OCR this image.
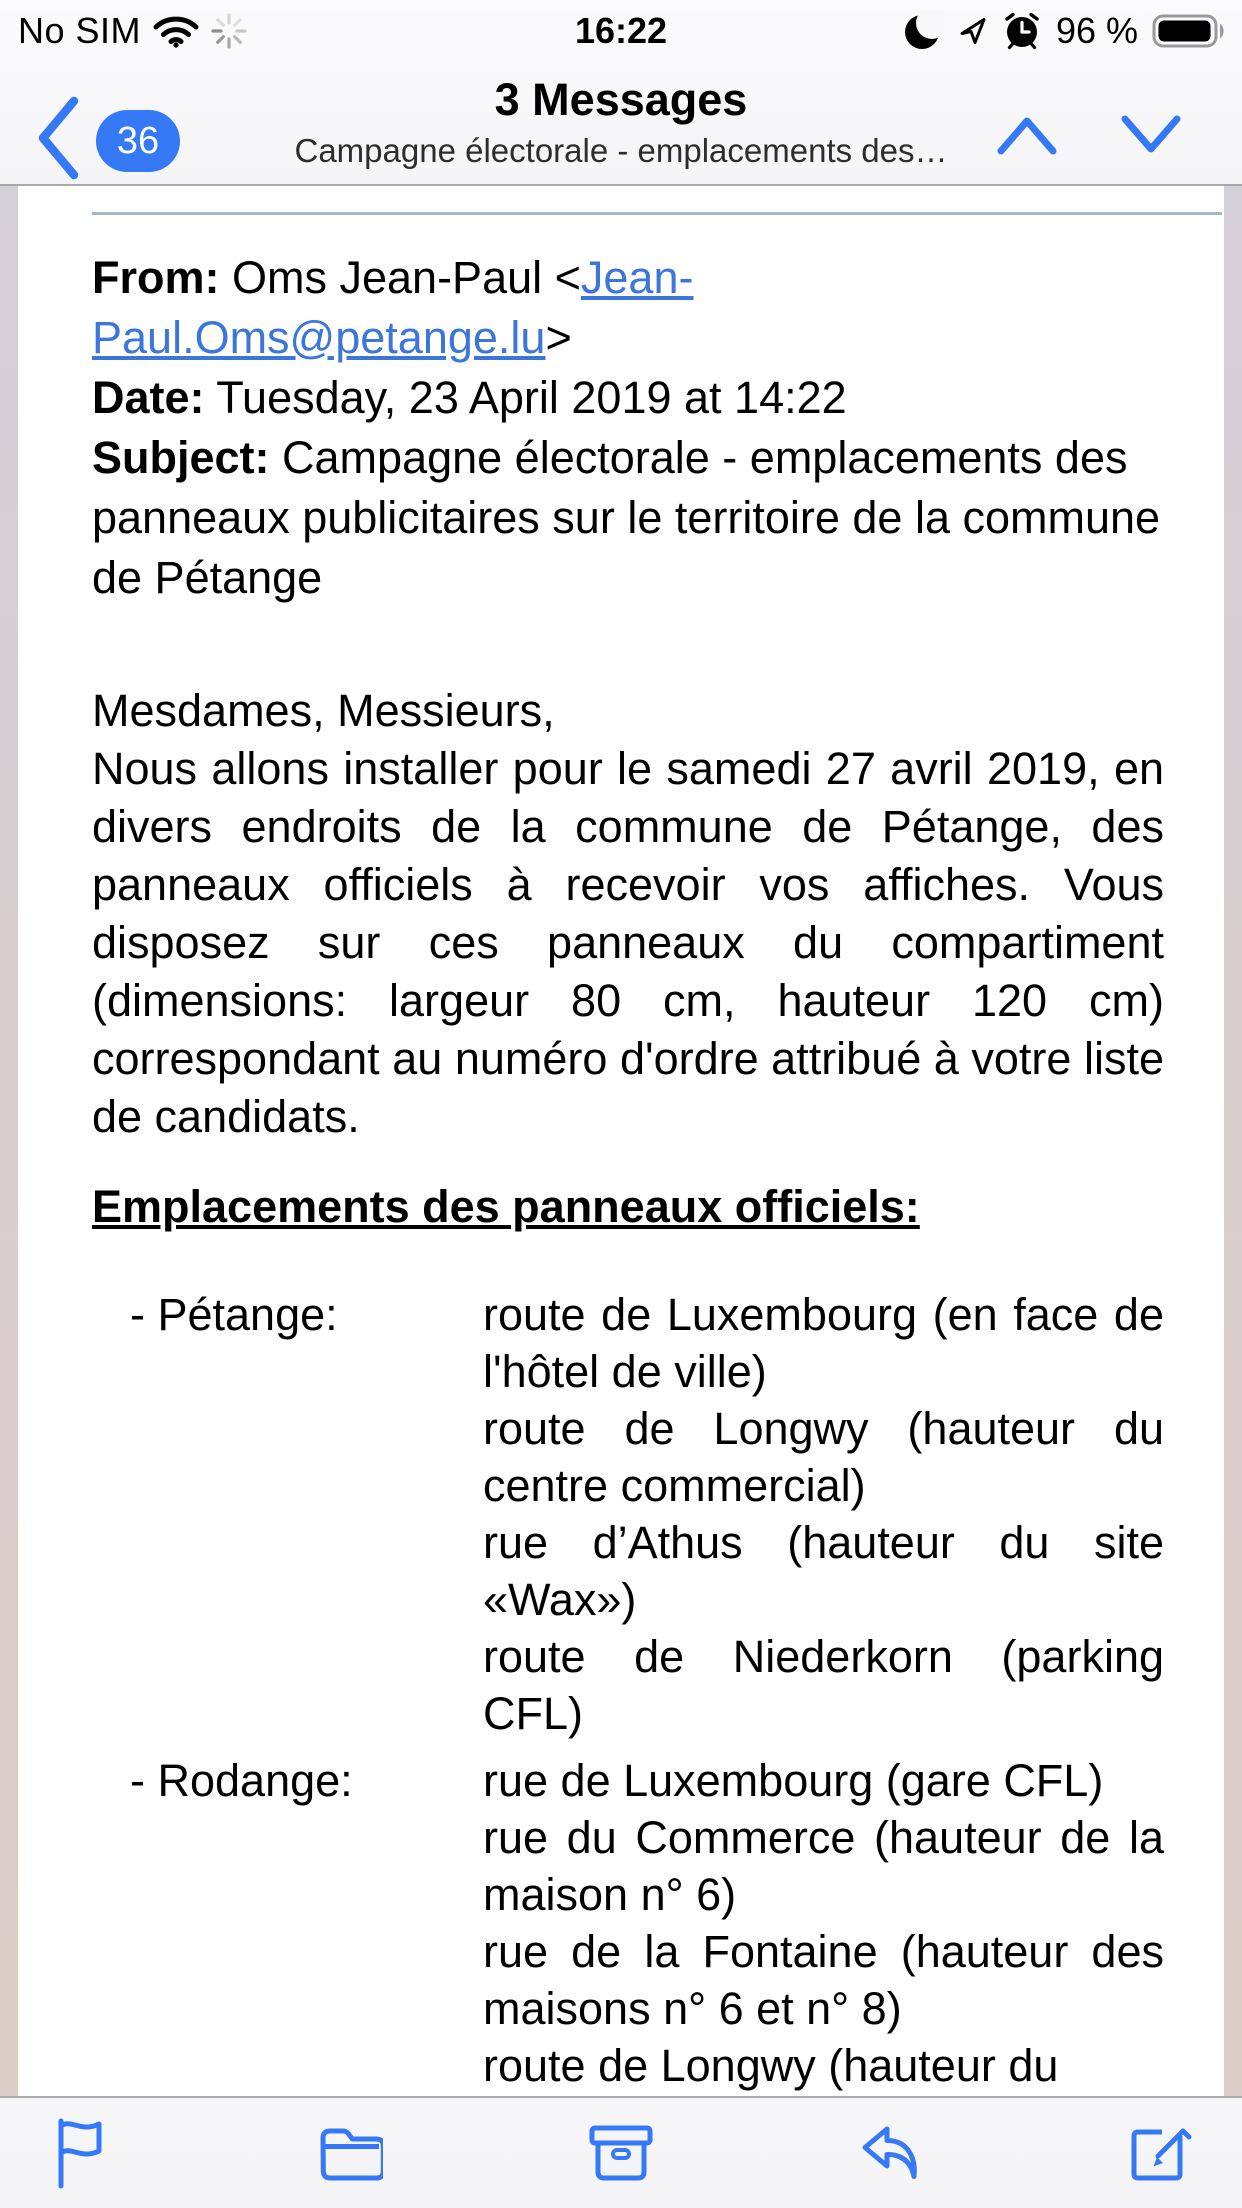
No SIM	16:22	96 %
36
3 Messages
Campagne électorale - emplacements des…
From: Oms Jean-Paul <Jean-Paul.Oms@petange.lu>
Date: Tuesday, 23 April 2019 at 14:22
Subject: Campagne électorale - emplacements des panneaux publicitaires sur le territoire de la commune de Pétange
Mesdames, Messieurs,
Nous allons installer pour le samedi 27 avril 2019, en divers endroits de la commune de Pétange, des panneaux officiels à recevoir vos affiches. Vous disposez sur ces panneaux du compartiment (dimensions: largeur 80 cm, hauteur 120 cm) correspondant au numéro d'ordre attribué à votre liste de candidats.
Emplacements des panneaux officiels:
- Pétange:	route de Luxembourg (en face de l'hôtel de ville)
route de Longwy (hauteur du centre commercial)
rue d’Athus (hauteur du site «Wax»)
route de Niederkorn (parking CFL)
- Rodange:	rue de Luxembourg (gare CFL)
rue du Commerce (hauteur de la maison n° 6)
rue de la Fontaine (hauteur des maisons n° 6 et n° 8)
route de Longwy (hauteur du
